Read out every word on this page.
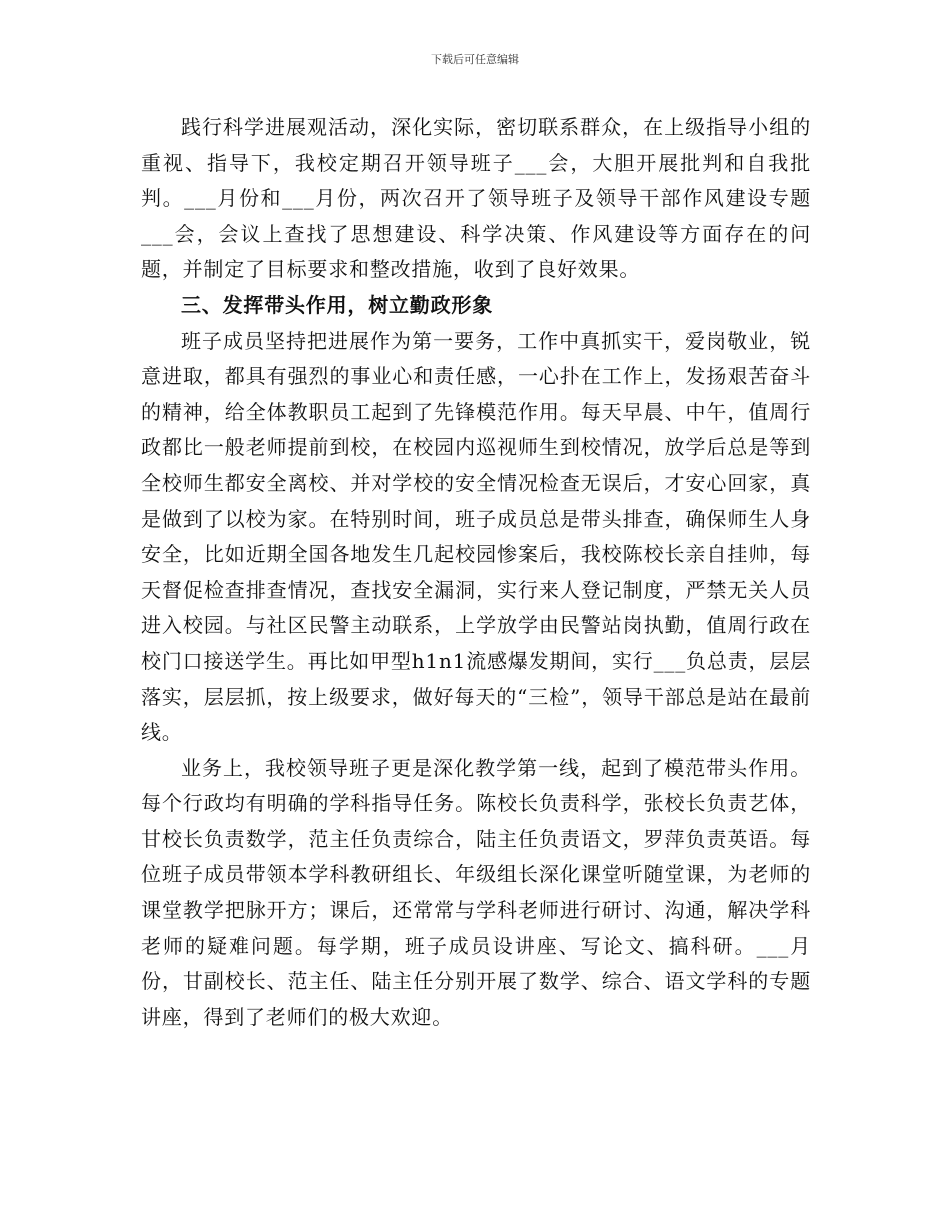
下载后可任意编辑

践行科学进展观活动，深化实际，密切联系群众，在上级指导小组的重视、指导下，我校定期召开领导班子___会，大胆开展批判和自我批判。___月份和___月份，两次召开了领导班子及领导干部作风建设专题___会，会议上查找了思想建设、科学决策、作风建设等方面存在的问题，并制定了目标要求和整改措施，收到了良好效果。

三、发挥带头作用，树立勤政形象

班子成员坚持把进展作为第一要务，工作中真抓实干，爱岗敬业，锐意进取，都具有强烈的事业心和责任感，一心扑在工作上，发扬艰苦奋斗的精神，给全体教职员工起到了先锋模范作用。每天早晨、中午，值周行政都比一般老师提前到校，在校园内巡视师生到校情况，放学后总是等到全校师生都安全离校、并对学校的安全情况检查无误后，才安心回家，真是做到了以校为家。在特别时间，班子成员总是带头排查，确保师生人身安全，比如近期全国各地发生几起校园惨案后，我校陈校长亲自挂帅，每天督促检查排查情况，查找安全漏洞，实行来人登记制度，严禁无关人员进入校园。与社区民警主动联系，上学放学由民警站岗执勤，值周行政在校门口接送学生。再比如甲型h1n1流感爆发期间，实行___负总责，层层落实，层层抓，按上级要求，做好每天的“三检”，领导干部总是站在最前线。

业务上，我校领导班子更是深化教学第一线，起到了模范带头作用。每个行政均有明确的学科指导任务。陈校长负责科学，张校长负责艺体，甘校长负责数学，范主任负责综合，陆主任负责语文，罗萍负责英语。每位班子成员带领本学科教研组长、年级组长深化课堂听随堂课，为老师的课堂教学把脉开方；课后，还常常与学科老师进行研讨、沟通，解决学科老师的疑难问题。每学期，班子成员设讲座、写论文、搞科研。___月份，甘副校长、范主任、陆主任分别开展了数学、综合、语文学科的专题讲座，得到了老师们的极大欢迎。
